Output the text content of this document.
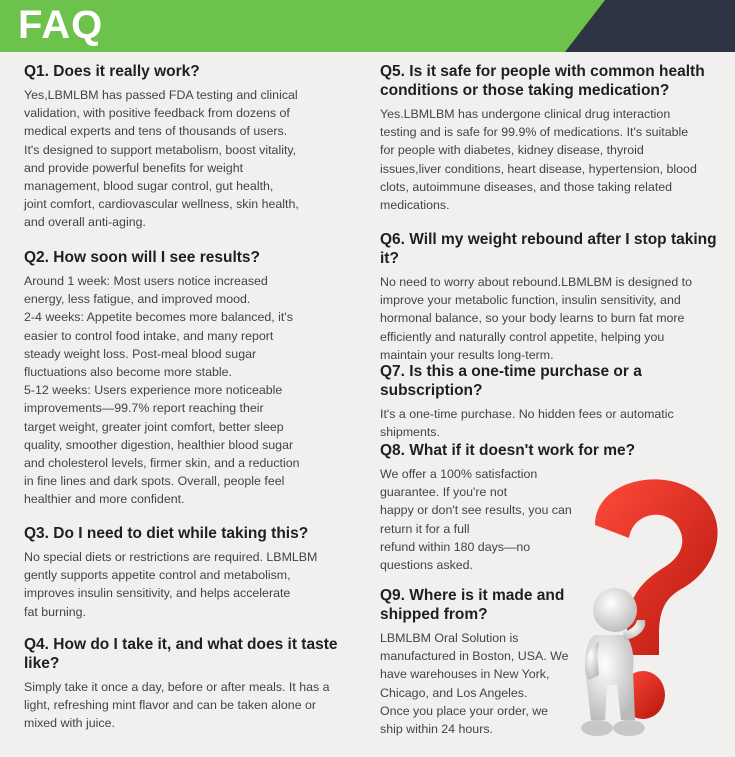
FAQ

Q1. Does it really work?

Yes,LBMLBM has passed FDA testing and clinical
validation, with positive feedback from dozens of
medical experts and tens of thousands of users.
It's designed to support metabolism, boost vitality,
and provide powerful benefits for weight
management, blood sugar control, gut health,
joint comfort, cardiovascular wellness, skin health,
and overall anti-aging.

Q2. How soon will I see results?

Around 1 week: Most users notice increased
energy, less fatigue, and improved mood.
2-4 weeks: Appetite becomes more balanced, it's
easier to control food intake, and many report
steady weight loss. Post-meal blood sugar
fluctuations also become more stable.
5-12 weeks: Users experience more noticeable
improvements—99.7% report reaching their
target weight, greater joint comfort, better sleep
quality, smoother digestion, healthier blood sugar
and cholesterol levels, firmer skin, and a reduction
in fine lines and dark spots. Overall, people feel
healthier and more confident.

Q3. Do I need to diet while taking this?

No special diets or restrictions are required. LBMLBM
gently supports appetite control and metabolism,
improves insulin sensitivity, and helps accelerate
fat burning.

Q4. How do I take it, and what does it taste
like?

Simply take it once a day, before or after meals. It has a
light, refreshing mint flavor and can be taken alone or
mixed with juice.

Q5. Is it safe for people with common health
conditions or those taking medication?

Yes.LBMLBM has undergone clinical drug interaction
testing and is safe for 99.9% of medications. It's suitable
for people with diabetes, kidney disease, thyroid
issues,liver conditions, heart disease, hypertension, blood
clots, autoimmune diseases, and those taking related
medications.

Q6. Will my weight rebound after I stop taking it?

No need to worry about rebound.LBMLBM is designed to
improve your metabolic function, insulin sensitivity, and
hormonal balance, so your body learns to burn fat more
efficiently and naturally control appetite, helping you
maintain your results long-term.

Q7. Is this a one-time purchase or a subscription?

It's a one-time purchase. No hidden fees or automatic
shipments.

Q8. What if it doesn't work for me?

We offer a 100% satisfaction
guarantee. If you're not
happy or don't see results, you can
return it for a full
refund within 180 days—no
questions asked.

Q9. Where is it made and
shipped from?

LBMLBM Oral Solution is
manufactured in Boston, USA. We
have warehouses in New York,
Chicago, and Los Angeles.
Once you place your order, we
ship within 24 hours.
